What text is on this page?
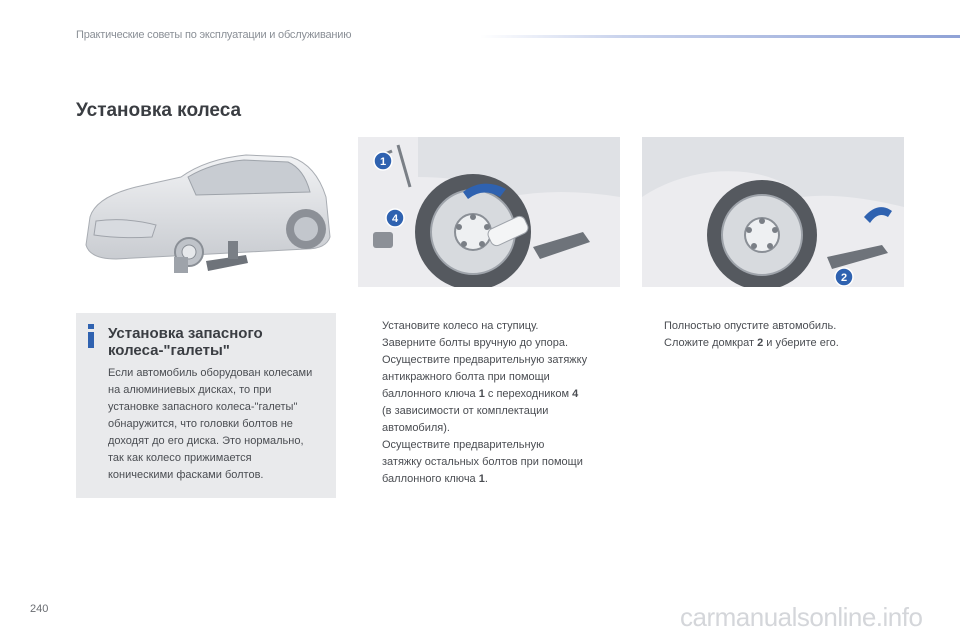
Практические советы по эксплуатации и обслуживанию
Установка колеса
1
4
2
Установка запасного
колеса-"галеты"

Если автомобиль оборудован колесами
на алюминиевых дисках, то при
установке запасного колеса-"галеты"
обнаружится, что головки болтов не
доходят до его диска. Это нормально,
так как колесо прижимается
коническими фасками болтов.

Установите колесо на ступицу.
Заверните болты вручную до упора.
Осуществите предварительную затяжку
антикражного болта при помощи
баллонного ключа 1 с переходником 4
(в зависимости от комплектации
автомобиля).
Осуществите предварительную
затяжку остальных болтов при помощи
баллонного ключа 1.
Полностью опустите автомобиль.
Сложите домкрат 2 и уберите его.
240	carmanualsonline.info
